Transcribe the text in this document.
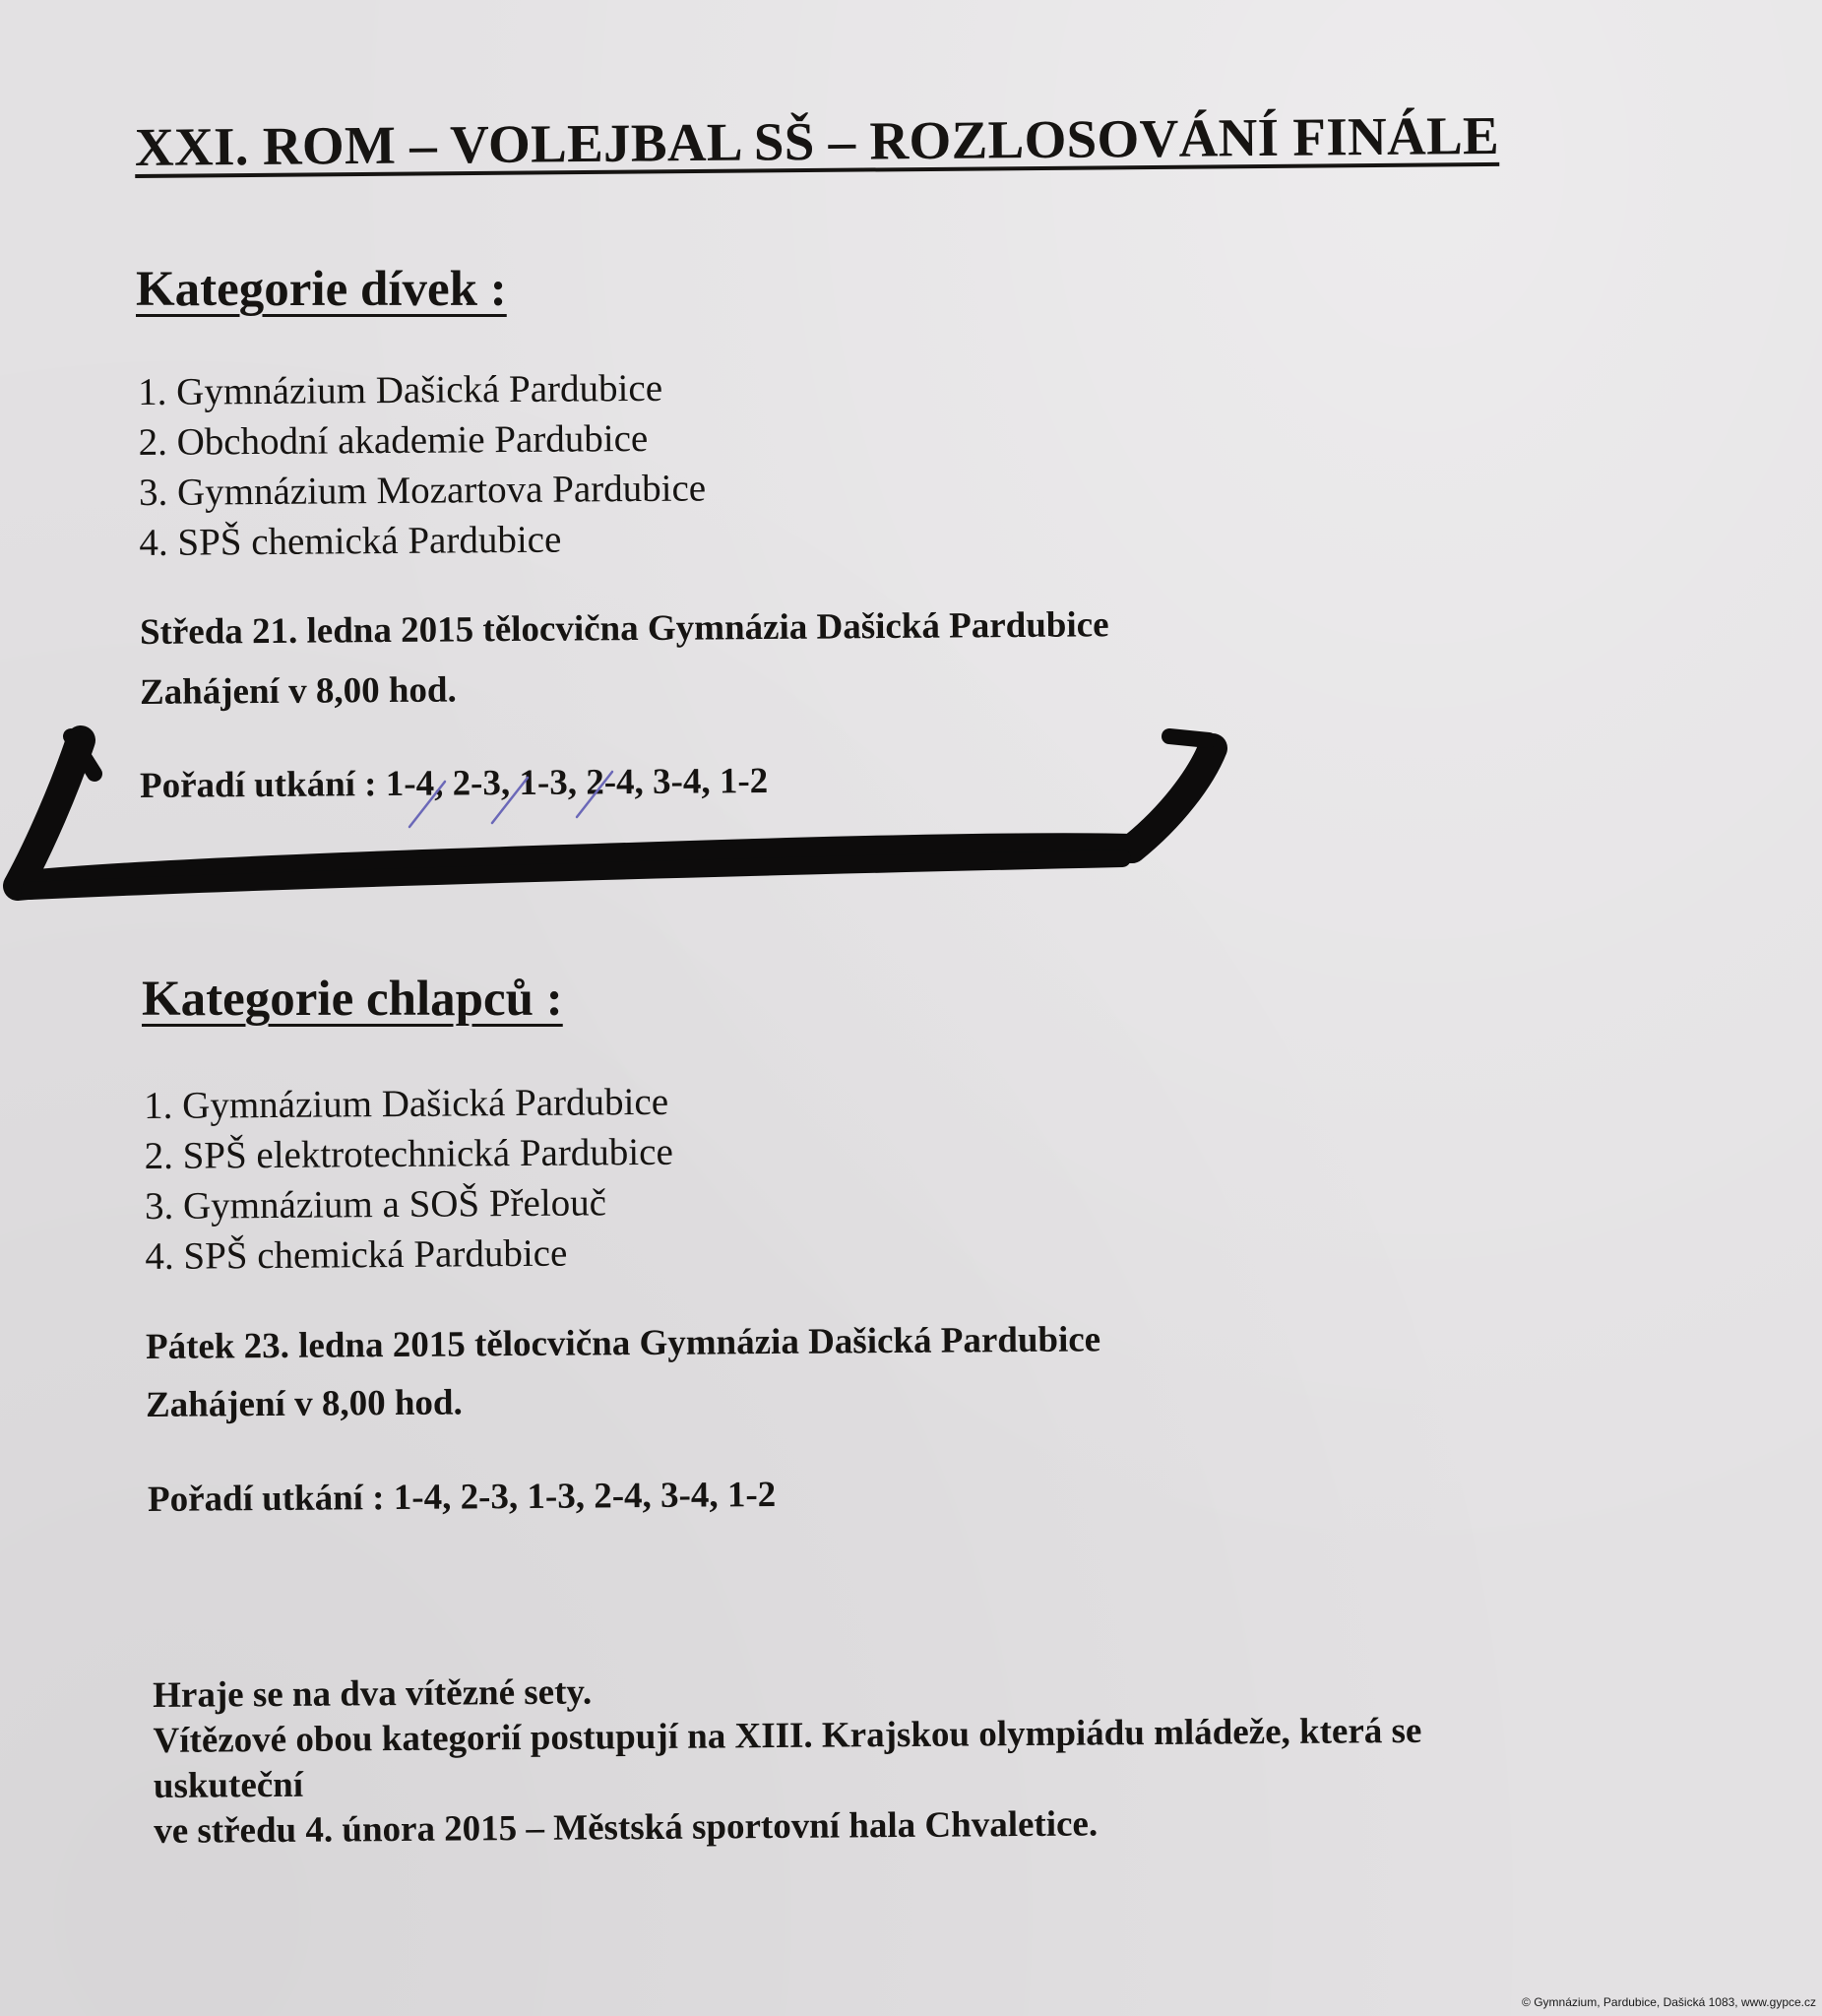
XXI. ROM – VOLEJBAL SŠ – ROZLOSOVÁNÍ FINÁLE
Kategorie dívek :
1. Gymnázium Dašická Pardubice
2. Obchodní akademie Pardubice
3. Gymnázium Mozartova Pardubice
4. SPŠ chemická Pardubice
Středa 21. ledna 2015 tělocvična Gymnázia Dašická Pardubice
Zahájení v 8,00 hod.
Pořadí utkání : 1-4, 2-3, 1-3, 2-4, 3-4, 1-2
Kategorie chlapců :
1. Gymnázium Dašická Pardubice
2. SPŠ elektrotechnická Pardubice
3. Gymnázium a SOŠ Přelouč
4. SPŠ chemická Pardubice
Pátek 23. ledna 2015 tělocvična Gymnázia Dašická Pardubice
Zahájení v 8,00 hod.
Pořadí utkání : 1-4, 2-3, 1-3, 2-4, 3-4, 1-2
Hraje se na dva vítězné sety.
Vítězové obou kategorií postupují na XIII. Krajskou olympiádu mládeže, která se
uskuteční
ve středu 4. února 2015 – Městská sportovní hala Chvaletice.
© Gymnázium, Pardubice, Dašická 1083, www.gypce.cz
